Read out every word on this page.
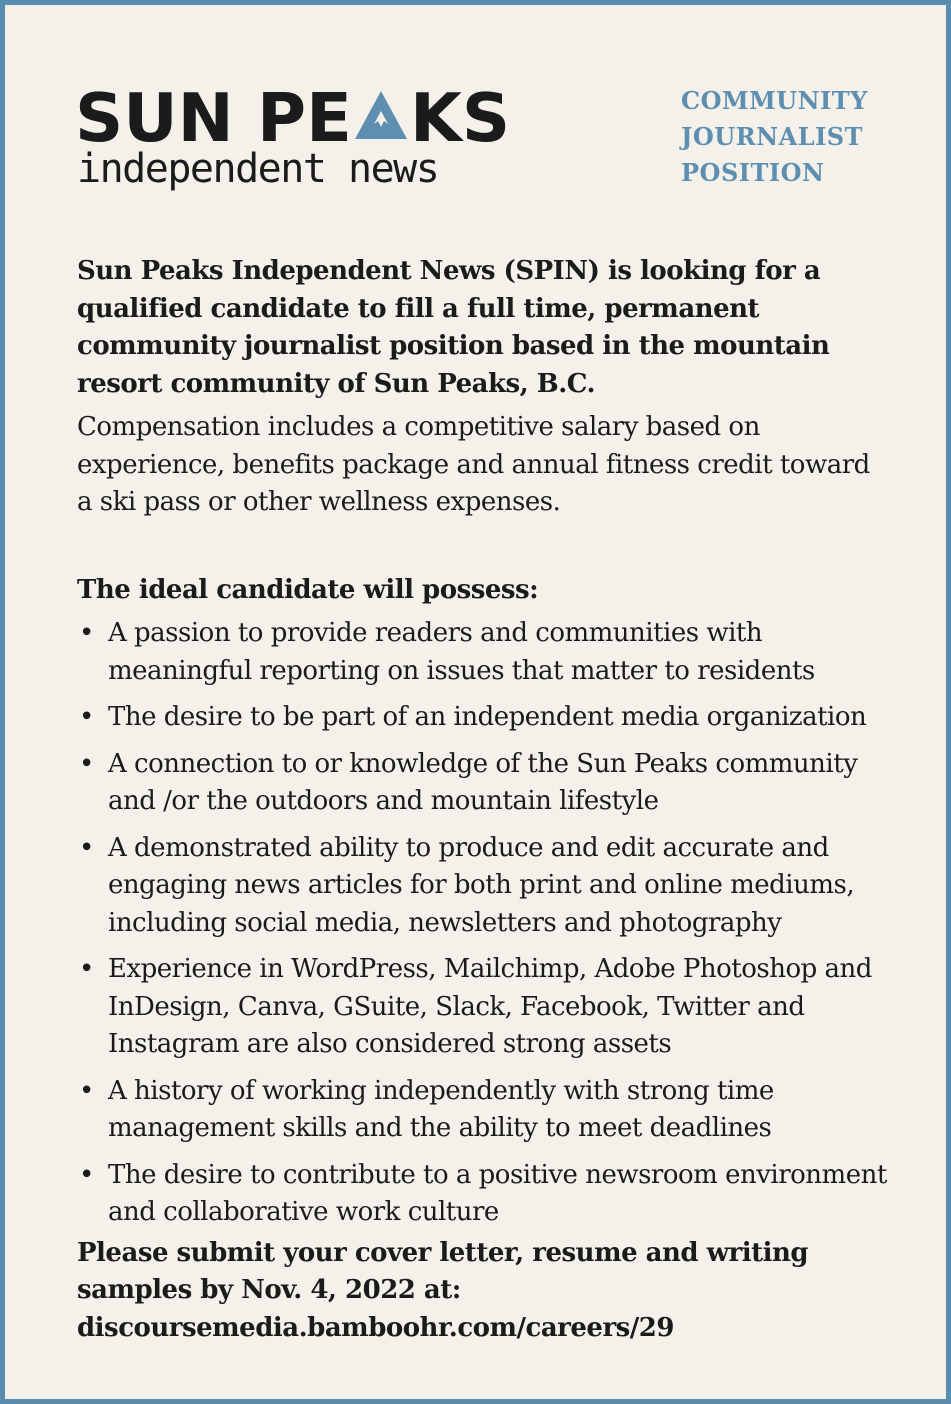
SUN PE KS
independent news
COMMUNITY
JOURNALIST
POSITION

Sun Peaks Independent News (SPIN) is looking for a qualified candidate to fill a full time, permanent community journalist position based in the mountain resort community of Sun Peaks, B.C.

Compensation includes a competitive salary based on experience, benefits package and annual fitness credit toward a ski pass or other wellness expenses.

The ideal candidate will possess:

• A passion to provide readers and communities with meaningful reporting on issues that matter to residents
• The desire to be part of an independent media organization
• A connection to or knowledge of the Sun Peaks community and /or the outdoors and mountain lifestyle
• A demonstrated ability to produce and edit accurate and engaging news articles for both print and online mediums, including social media, newsletters and photography
• Experience in WordPress, Mailchimp, Adobe Photoshop and InDesign, Canva, GSuite, Slack, Facebook, Twitter and Instagram are also considered strong assets
• A history of working independently with strong time management skills and the ability to meet deadlines
• The desire to contribute to a positive newsroom environment and collaborative work culture
Please submit your cover letter, resume and writing
samples by Nov. 4, 2022 at:
discoursemedia.bamboohr.com/careers/29
